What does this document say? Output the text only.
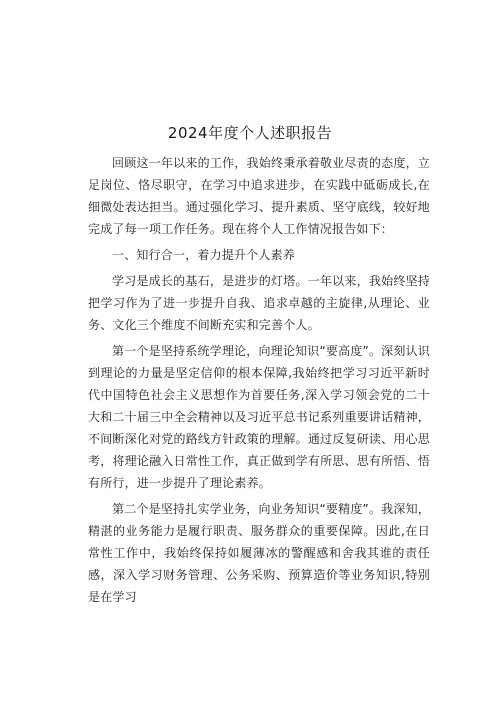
2024年度个人述职报告

回顾这一年以来的工作，我始终秉承着敬业尽责的态度，立足岗位、恪尽职守，在学习中追求进步，在实践中砥砺成长,在细微处表达担当。通过强化学习、提升素质、坚守底线，较好地完成了每一项工作任务。现在将个人工作情况报告如下：

一、知行合一，着力提升个人素养

学习是成长的基石，是进步的灯塔。一年以来，我始终坚持把学习作为了进一步提升自我、追求卓越的主旋律,从理论、业务、文化三个维度不间断充实和完善个人。

第一个是坚持系统学理论，向理论知识“要高度”。深刻认识到理论的力量是坚定信仰的根本保障,我始终把学习习近平新时代中国特色社会主义思想作为首要任务,深入学习领会党的二十大和二十届三中全会精神以及习近平总书记系列重要讲话精神，不间断深化对党的路线方针政策的理解。通过反复研读、用心思考，将理论融入日常性工作，真正做到学有所思、思有所悟、悟有所行，进一步提升了理论素养。

第二个是坚持扎实学业务，向业务知识“要精度”。我深知，精湛的业务能力是履行职责、服务群众的重要保障。因此,在日常性工作中，我始终保持如履薄冰的警醒感和舍我其谁的责任感，深入学习财务管理、公务采购、预算造价等业务知识,特别是在学习
